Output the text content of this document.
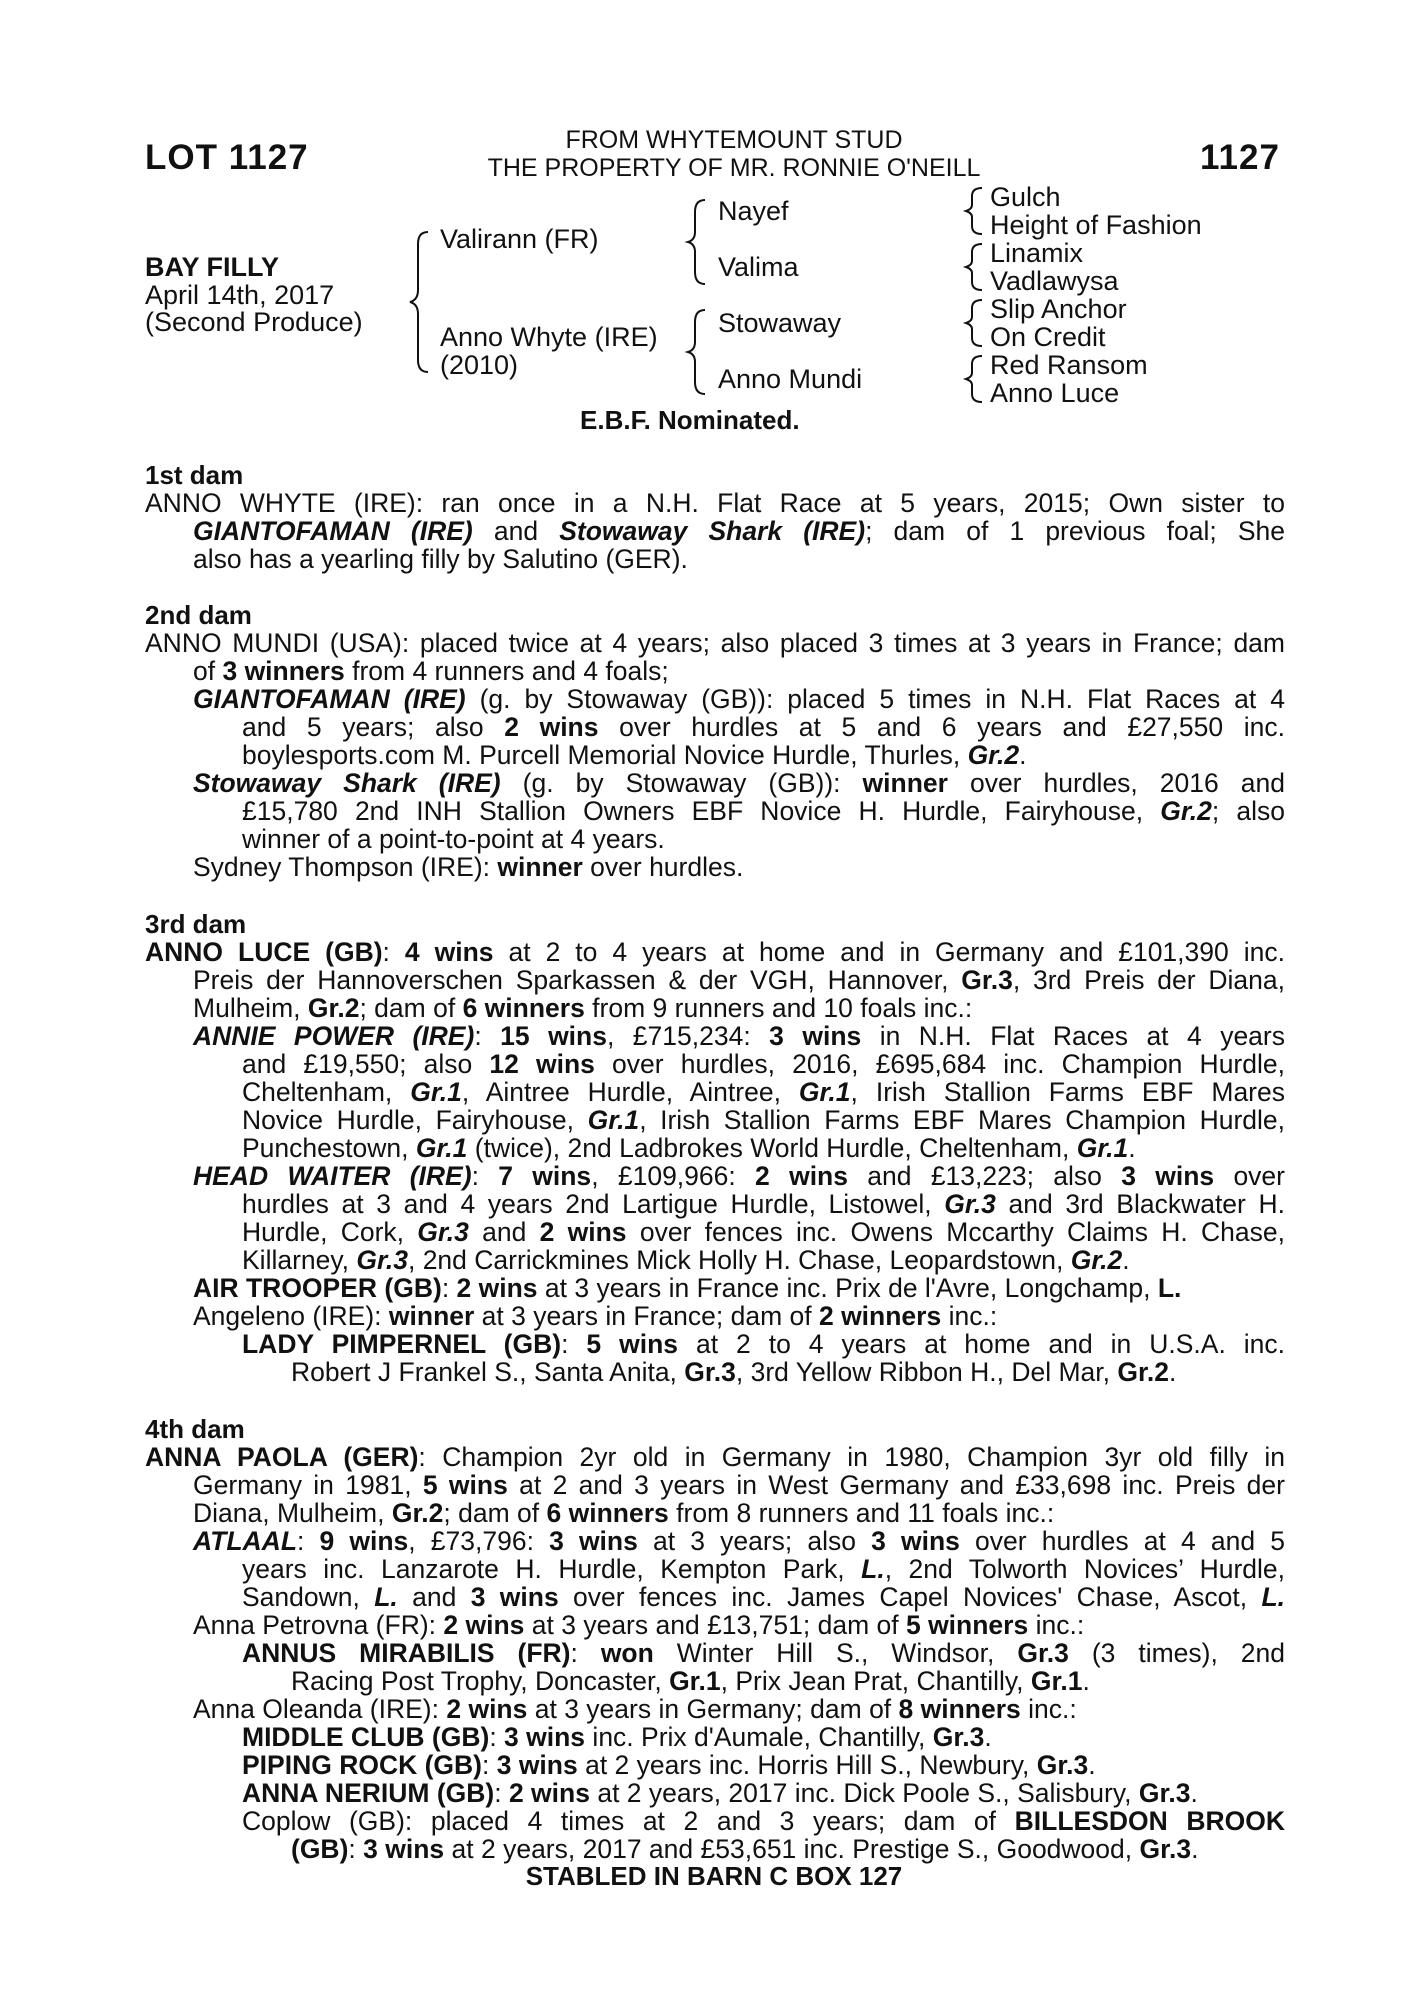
LOT 1127	1127
FROM WHYTEMOUNT STUD
THE PROPERTY OF MR. RONNIE O'NEILL
BAY FILLY
April 14th, 2017
(Second Produce)
Valirann (FR)
Anno Whyte (IRE)
(2010)
Nayef
Valima
Stowaway
Anno Mundi
Gulch
Height of Fashion
Linamix
Vadlawysa
Slip Anchor
On Credit
Red Ransom
Anno Luce
E.B.F. Nominated.
1st dam

ANNO WHYTE (IRE): ran once in a N.H. Flat Race at 5 years, 2015; Own sister to

GIANTOFAMAN (IRE) and Stowaway Shark (IRE); dam of 1 previous foal; She

also has a yearling filly by Salutino (GER).

2nd dam

ANNO MUNDI (USA): placed twice at 4 years; also placed 3 times at 3 years in France; dam

of 3 winners from 4 runners and 4 foals;

GIANTOFAMAN (IRE) (g. by Stowaway (GB)): placed 5 times in N.H. Flat Races at 4

and 5 years; also 2 wins over hurdles at 5 and 6 years and £27,550 inc.

boylesports.com M. Purcell Memorial Novice Hurdle, Thurles, Gr.2.

Stowaway Shark (IRE) (g. by Stowaway (GB)): winner over hurdles, 2016 and

£15,780 2nd INH Stallion Owners EBF Novice H. Hurdle, Fairyhouse, Gr.2; also

winner of a point-to-point at 4 years.

Sydney Thompson (IRE): winner over hurdles.

3rd dam

ANNO LUCE (GB): 4 wins at 2 to 4 years at home and in Germany and £101,390 inc.

Preis der Hannoverschen Sparkassen & der VGH, Hannover, Gr.3, 3rd Preis der Diana,

Mulheim, Gr.2; dam of 6 winners from 9 runners and 10 foals inc.:

ANNIE POWER (IRE): 15 wins, £715,234: 3 wins in N.H. Flat Races at 4 years

and £19,550; also 12 wins over hurdles, 2016, £695,684 inc. Champion Hurdle,

Cheltenham, Gr.1, Aintree Hurdle, Aintree, Gr.1, Irish Stallion Farms EBF Mares

Novice Hurdle, Fairyhouse, Gr.1, Irish Stallion Farms EBF Mares Champion Hurdle,

Punchestown, Gr.1 (twice), 2nd Ladbrokes World Hurdle, Cheltenham, Gr.1.

HEAD WAITER (IRE): 7 wins, £109,966: 2 wins and £13,223; also 3 wins over

hurdles at 3 and 4 years 2nd Lartigue Hurdle, Listowel, Gr.3 and 3rd Blackwater H.

Hurdle, Cork, Gr.3 and 2 wins over fences inc. Owens Mccarthy Claims H. Chase,

Killarney, Gr.3, 2nd Carrickmines Mick Holly H. Chase, Leopardstown, Gr.2.

AIR TROOPER (GB): 2 wins at 3 years in France inc. Prix de l'Avre, Longchamp, L.

Angeleno (IRE): winner at 3 years in France; dam of 2 winners inc.:

LADY PIMPERNEL (GB): 5 wins at 2 to 4 years at home and in U.S.A. inc.

Robert J Frankel S., Santa Anita, Gr.3, 3rd Yellow Ribbon H., Del Mar, Gr.2.

4th dam

ANNA PAOLA (GER): Champion 2yr old in Germany in 1980, Champion 3yr old filly in

Germany in 1981, 5 wins at 2 and 3 years in West Germany and £33,698 inc. Preis der

Diana, Mulheim, Gr.2; dam of 6 winners from 8 runners and 11 foals inc.:

ATLAAL: 9 wins, £73,796: 3 wins at 3 years; also 3 wins over hurdles at 4 and 5

years inc. Lanzarote H. Hurdle, Kempton Park, L., 2nd Tolworth Novices’ Hurdle,

Sandown, L. and 3 wins over fences inc. James Capel Novices' Chase, Ascot, L.

Anna Petrovna (FR): 2 wins at 3 years and £13,751; dam of 5 winners inc.:

ANNUS MIRABILIS (FR): won Winter Hill S., Windsor, Gr.3 (3 times), 2nd

Racing Post Trophy, Doncaster, Gr.1, Prix Jean Prat, Chantilly, Gr.1.

Anna Oleanda (IRE): 2 wins at 3 years in Germany; dam of 8 winners inc.:

MIDDLE CLUB (GB): 3 wins inc. Prix d'Aumale, Chantilly, Gr.3.

PIPING ROCK (GB): 3 wins at 2 years inc. Horris Hill S., Newbury, Gr.3.

ANNA NERIUM (GB): 2 wins at 2 years, 2017 inc. Dick Poole S., Salisbury, Gr.3.

Coplow (GB): placed 4 times at 2 and 3 years; dam of BILLESDON BROOK

(GB): 3 wins at 2 years, 2017 and £53,651 inc. Prestige S., Goodwood, Gr.3.

STABLED IN BARN C BOX 127
